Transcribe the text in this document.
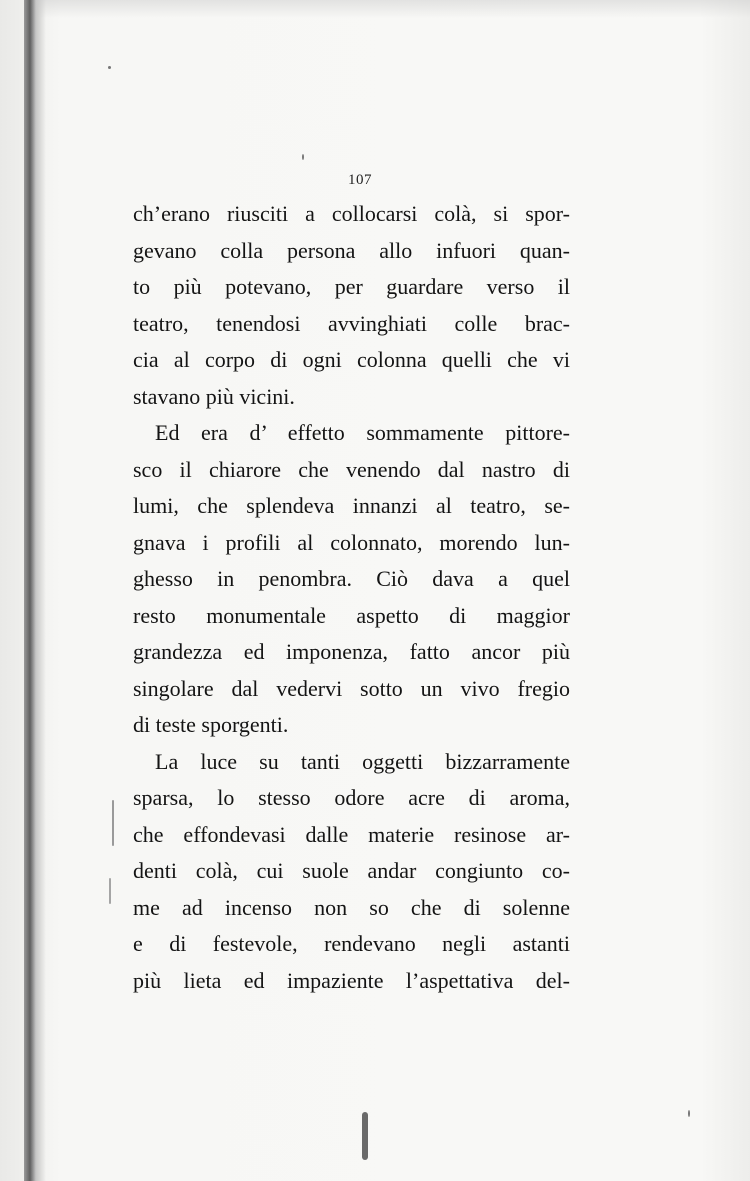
107
ch’erano riusciti a collocarsi colà, si spor-
gevano colla persona allo infuori quan-
to più potevano, per guardare verso il
teatro, tenendosi avvinghiati colle brac-
cia al corpo di ogni colonna quelli che vi
stavano più vicini.
Ed era d’ effetto sommamente pittore-
sco il chiarore che venendo dal nastro di
lumi, che splendeva innanzi al teatro, se-
gnava i profili al colonnato, morendo lun-
ghesso in penombra. Ciò dava a quel
resto monumentale aspetto di maggior
grandezza ed imponenza, fatto ancor più
singolare dal vedervi sotto un vivo fregio
di teste sporgenti.
La luce su tanti oggetti bizzarramente
sparsa, lo stesso odore acre di aroma,
che effondevasi dalle materie resinose ar-
denti colà, cui suole andar congiunto co-
me ad incenso non so che di solenne
e di festevole, rendevano negli astanti
più lieta ed impaziente l’aspettativa del-
